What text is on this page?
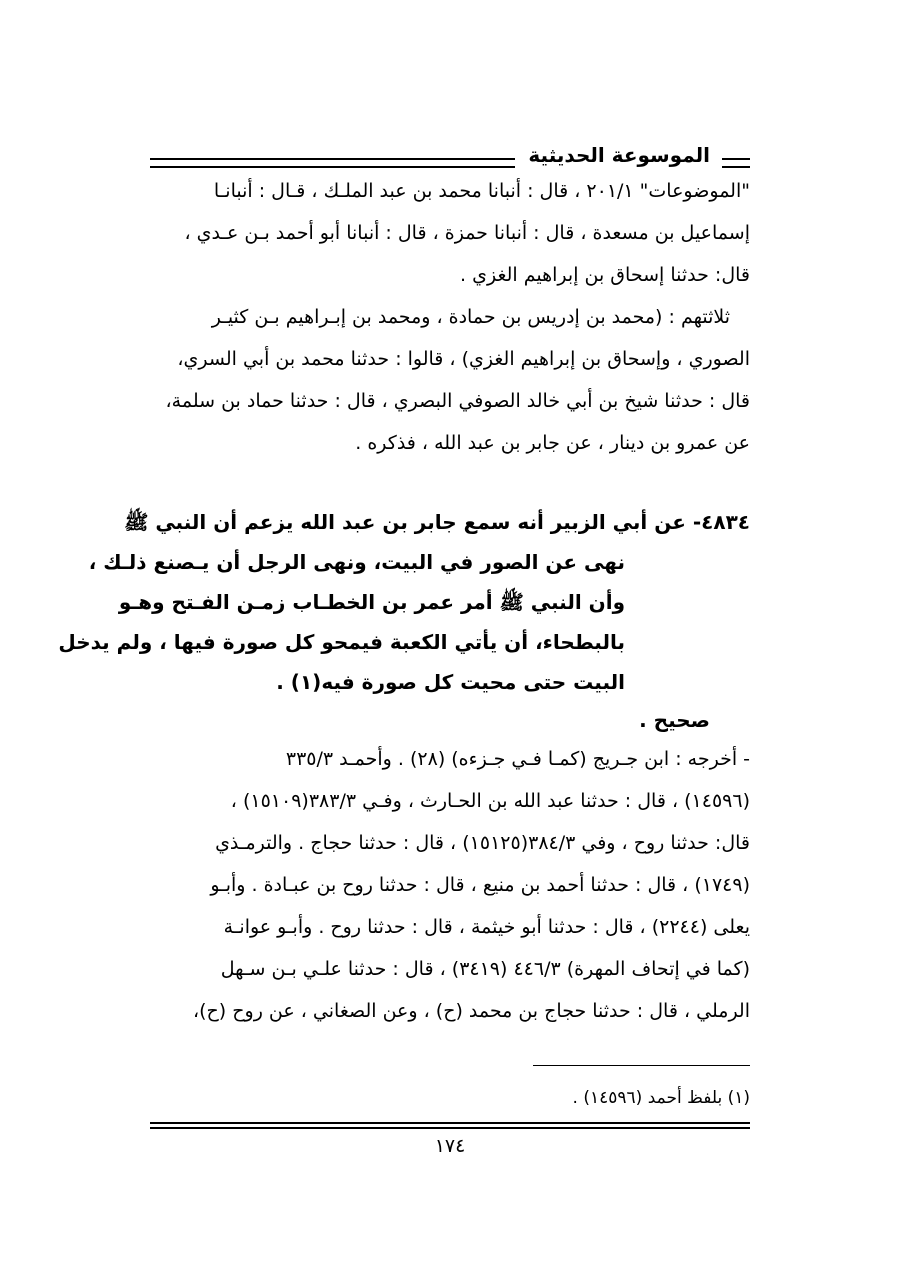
الموسوعة الحديثية
"الموضوعات" ٢٠١/١ ، قال : أنبانا محمد بن عبد الملـك ، قـال : أنبانـا
إسماعيل بن مسعدة ، قال : أنبانا حمزة ، قال : أنبانا أبو أحمد بـن عـدي ،
قال: حدثنا إسحاق بن إبراهيم الغزي .
ثلاثتهم : (محمد بن إدريس بن حمادة ، ومحمد بن إبـراهيم بـن كثيـر
الصوري ، وإسحاق بن إبراهيم الغزي) ، قالوا : حدثنا محمد بن أبي السري،
قال : حدثنا شيخ بن أبي خالد الصوفي البصري ، قال : حدثنا حماد بن سلمة،
عن عمرو بن دينار ، عن جابر بن عبد الله ، فذكره .
٤٨٣٤- عن أبي الزبير أنه سمع جابر بن عبد الله يزعم أن النبي ﷺ
نهى عن الصور في البيت، ونهى الرجل أن يـصنع ذلـك ،
وأن النبي ﷺ أمر عمر بن الخطـاب زمـن الفـتح وهـو
بالبطحاء، أن يأتي الكعبة فيمحو كل صورة فيها ، ولم يدخل
البيت حتى محيت كل صورة فيه(١) .
صحيح .
- أخرجه : ابن جـريج (كمـا فـي جـزءه) (٢٨) . وأحمـد ٣٣٥/٣
(١٤٥٩٦) ، قال : حدثنا عبد الله بن الحـارث ، وفـي ٣٨٣/٣(١٥١٠٩) ،
قال: حدثنا روح ، وفي ٣٨٤/٣(١٥١٢٥) ، قال : حدثنا حجاج . والترمـذي
(١٧٤٩) ، قال : حدثنا أحمد بن منيع ، قال : حدثنا روح بن عبـادة . وأبـو
يعلى (٢٢٤٤) ، قال : حدثنا أبو خيثمة ، قال : حدثنا روح . وأبـو عوانـة
(كما في إتحاف المهرة) ٤٤٦/٣ (٣٤١٩) ، قال : حدثنا علـي بـن سـهل
الرملي ، قال : حدثنا حجاج بن محمد (ح) ، وعن الصغاني ، عن روح (ح)،
(١) بلفظ أحمد (١٤٥٩٦) .
١٧٤
